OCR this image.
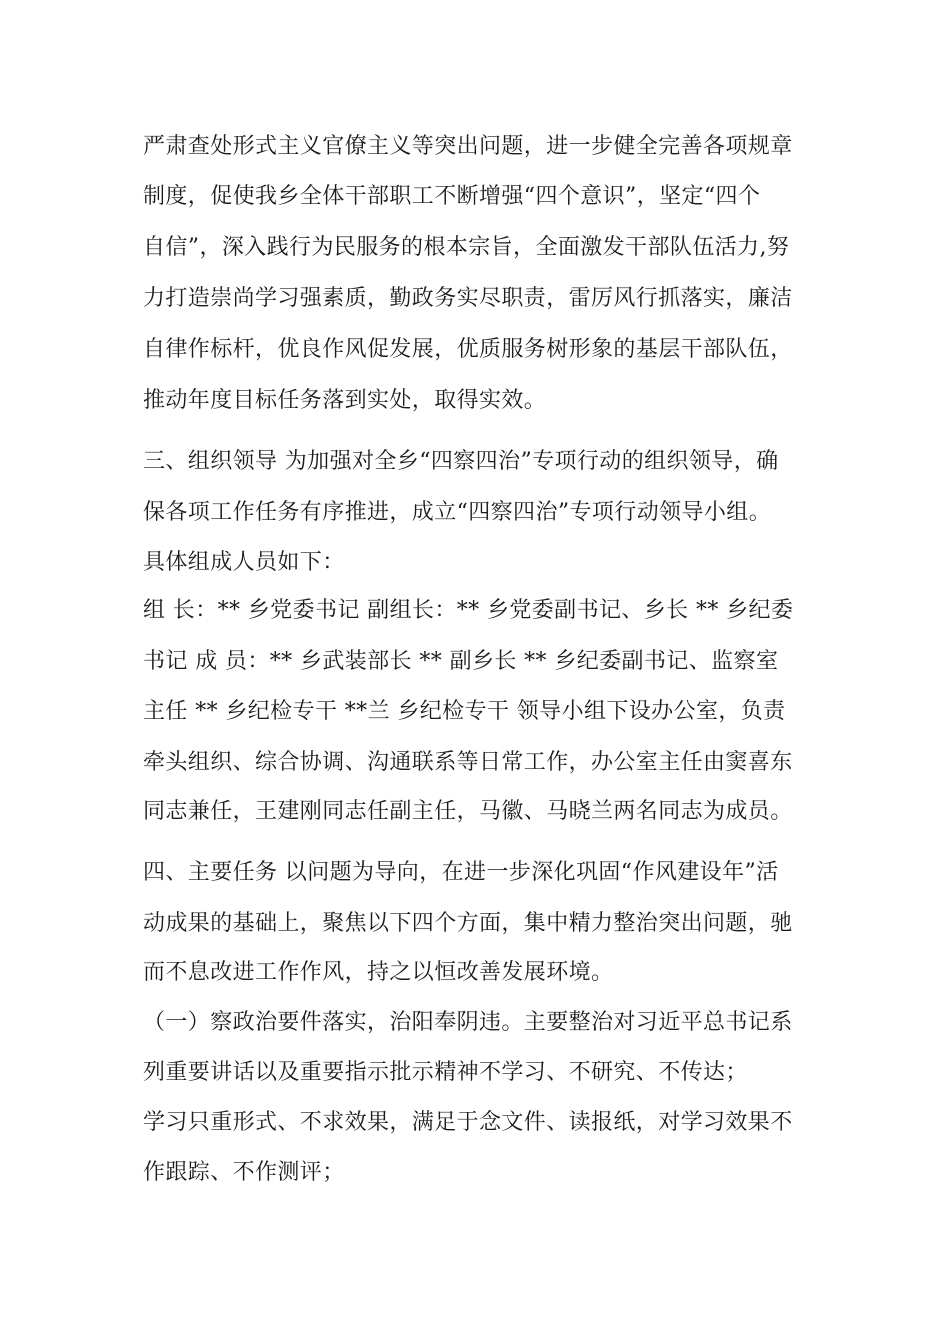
严肃查处形式主义官僚主义等突出问题，进一步健全完善各项规章
制度，促使我乡全体干部职工不断增强“四个意识”，坚定“四个
自信”，深入践行为民服务的根本宗旨，全面激发干部队伍活力,努
力打造崇尚学习强素质，勤政务实尽职责，雷厉风行抓落实，廉洁
自律作标杆，优良作风促发展，优质服务树形象的基层干部队伍，
推动年度目标任务落到实处，取得实效。
三、组织领导 为加强对全乡“四察四治”专项行动的组织领导，确
保各项工作任务有序推进，成立“四察四治”专项行动领导小组。
具体组成人员如下：
组 长：** 乡党委书记 副组长：** 乡党委副书记、乡长 ** 乡纪委
书记 成 员：** 乡武装部长 ** 副乡长 ** 乡纪委副书记、监察室
主任 ** 乡纪检专干 **兰 乡纪检专干 领导小组下设办公室，负责
牵头组织、综合协调、沟通联系等日常工作，办公室主任由窦喜东
同志兼任，王建刚同志任副主任，马徽、马晓兰两名同志为成员。
四、主要任务 以问题为导向，在进一步深化巩固“作风建设年”活
动成果的基础上，聚焦以下四个方面，集中精力整治突出问题，驰
而不息改进工作作风，持之以恒改善发展环境。
（一）察政治要件落实，治阳奉阴违。主要整治对习近平总书记系
列重要讲话以及重要指示批示精神不学习、不研究、不传达；
学习只重形式、不求效果，满足于念文件、读报纸，对学习效果不
作跟踪、不作测评；
